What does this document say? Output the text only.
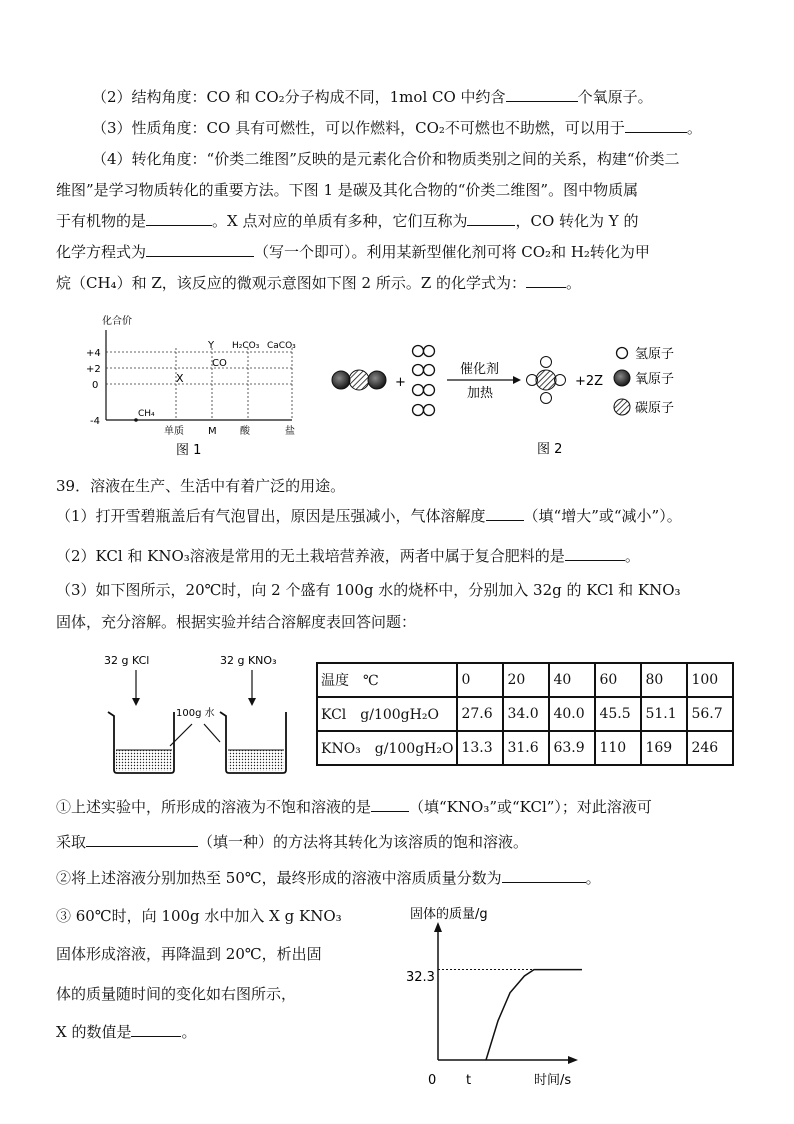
（2）结构角度：CO 和 CO₂分子构成不同，1mol CO 中约含	个氧原子。
（3）性质角度：CO 具有可燃性，可以作燃料，CO₂不可燃也不助燃，可以用于	。
（4）转化角度：“价类二维图”反映的是元素化合价和物质类别之间的关系，构建“价类二
维图”是学习物质转化的重要方法。下图 1 是碳及其化合物的“价类二维图”。图中物质属
于有机物的是	。X 点对应的单质有多种，它们互称为	，CO 转化为 Y 的
化学方程式为	（写一个即可）。利用某新型催化剂可将 CO₂和 H₂转化为甲
烷（CH₄）和 Z，该反应的微观示意图如下图 2 所示。Z 的化学式为：	。
化合价
+4
+2
0
-4
单质 M 酸	盐
Y H₂CO₃ CaCO₃
CO
X
CH₄
图 1
+
催化剂
加热
+2Z
氢原子
氧原子
碳原子
图 2
39．溶液在生产、生活中有着广泛的用途。
（1）打开雪碧瓶盖后有气泡冒出，原因是压强减小，气体溶解度	（填“增大”或“减小”）。
（2）KCl 和 KNO₃溶液是常用的无土栽培营养液，两者中属于复合肥料的是	。
（3）如下图所示，20℃时，向 2 个盛有 100g 水的烧杯中，分别加入 32g 的 KCl 和 KNO₃
固体，充分溶解。根据实验并结合溶解度表回答问题：
32 g KCl	32 g KNO₃
100g 水
温度　℃	0	20	40	60	80	100
KCl　g/100gH₂O	27.6	34.0	40.0	45.5	51.1	56.7
KNO₃　g/100gH₂O	13.3	31.6	63.9	110	169	246
①上述实验中，所形成的溶液为不饱和溶液的是	（填“KNO₃”或“KCl”）；对此溶液可
采取	（填一种）的方法将其转化为该溶质的饱和溶液。
②将上述溶液分别加热至 50℃，最终形成的溶液中溶质质量分数为	。
③ 60℃时，向 100g 水中加入 X g KNO₃
固体形成溶液，再降温到 20℃，析出固
体的质量随时间的变化如右图所示，
X 的数值是	。
固体的质量/g
0 t	时间/s
32.3
